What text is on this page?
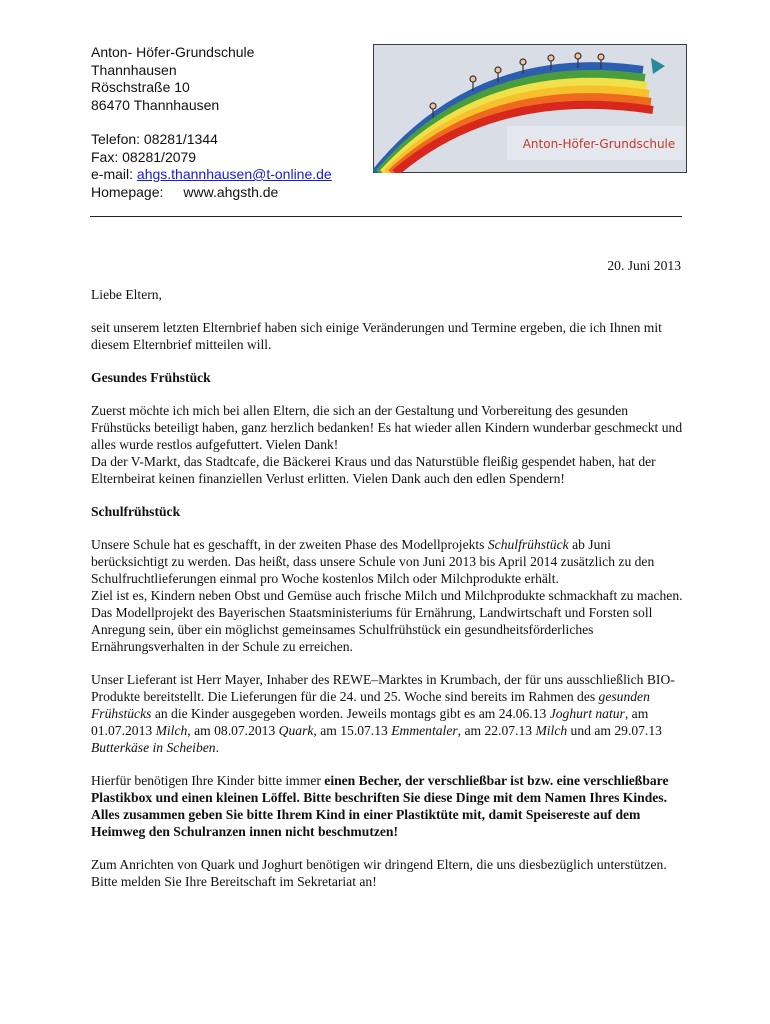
Anton- Höfer-Grundschule
Thannhausen
Röschstraße 10
86470 Thannhausen
Telefon: 08281/1344
Fax: 08281/2079
e-mail: ahgs.thannhausen@t-online.de
Homepage: www.ahgsth.de
Anton-Höfer-Grundschule

20. Juni 2013

Liebe Eltern,

seit unserem letzten Elternbrief haben sich einige Veränderungen und Termine ergeben, die ich Ihnen mit diesem Elternbrief mitteilen will.

Gesundes Frühstück

Zuerst möchte ich mich bei allen Eltern, die sich an der Gestaltung und Vorbereitung des gesunden Frühstücks beteiligt haben, ganz herzlich bedanken! Es hat wieder allen Kindern wunderbar geschmeckt und alles wurde restlos aufgefuttert. Vielen Dank!

Da der V-Markt, das Stadtcafe, die Bäckerei Kraus und das Naturstüble fleißig gespendet haben, hat der Elternbeirat keinen finanziellen Verlust erlitten. Vielen Dank auch den edlen Spendern!

Schulfrühstück

Unsere Schule hat es geschafft, in der zweiten Phase des Modellprojekts Schulfrühstück ab Juni berücksichtigt zu werden. Das heißt, dass unsere Schule von Juni 2013 bis April 2014 zusätzlich zu den Schulfruchtlieferungen einmal pro Woche kostenlos Milch oder Milchprodukte erhält.

Ziel ist es, Kindern neben Obst und Gemüse auch frische Milch und Milchprodukte schmackhaft zu machen. Das Modellprojekt des Bayerischen Staatsministeriums für Ernährung, Landwirtschaft und Forsten soll Anregung sein, über ein möglichst gemeinsames Schulfrühstück ein gesundheitsförderliches Ernährungsverhalten in der Schule zu erreichen.

Unser Lieferant ist Herr Mayer, Inhaber des REWE–Marktes in Krumbach, der für uns ausschließlich BIO-Produkte bereitstellt. Die Lieferungen für die 24. und 25. Woche sind bereits im Rahmen des gesunden Frühstücks an die Kinder ausgegeben worden. Jeweils montags gibt es am 24.06.13 Joghurt natur, am 01.07.2013 Milch, am 08.07.2013 Quark, am 15.07.13 Emmentaler, am 22.07.13 Milch und am 29.07.13 Butterkäse in Scheiben.

Hierfür benötigen Ihre Kinder bitte immer einen Becher, der verschließbar ist bzw. eine verschließbare Plastikbox und einen kleinen Löffel. Bitte beschriften Sie diese Dinge mit dem Namen Ihres Kindes. Alles zusammen geben Sie bitte Ihrem Kind in einer Plastiktüte mit, damit Speisereste auf dem Heimweg den Schulranzen innen nicht beschmutzen!

Zum Anrichten von Quark und Joghurt benötigen wir dringend Eltern, die uns diesbezüglich unterstützen. Bitte melden Sie Ihre Bereitschaft im Sekretariat an!
